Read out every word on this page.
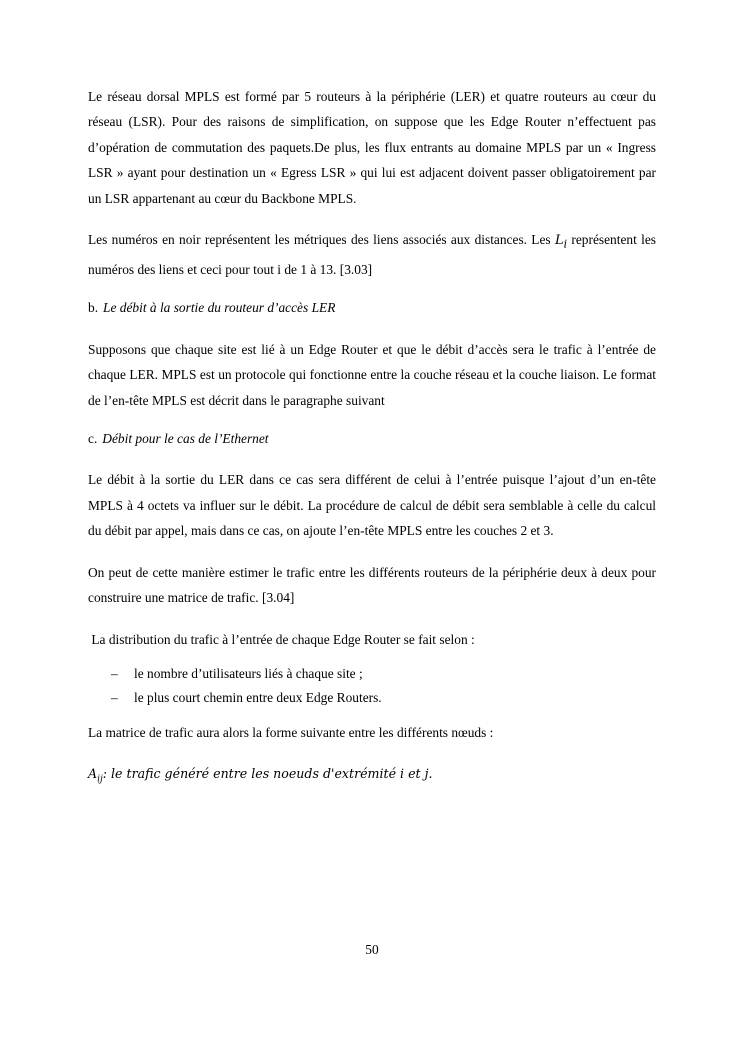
Le réseau dorsal MPLS est formé par 5 routeurs à la périphérie (LER) et quatre routeurs au cœur du réseau (LSR). Pour des raisons de simplification, on suppose que les Edge Router n’effectuent pas d’opération de commutation des paquets.De plus, les flux entrants au domaine MPLS par un « Ingress LSR » ayant pour destination un « Egress LSR » qui lui est adjacent doivent passer obligatoirement par un LSR appartenant au cœur du Backbone MPLS.

Les numéros en noir représentent les métriques des liens associés aux distances. Les $L_i$ représentent les numéros des liens et ceci pour tout i de 1 à 13. [3.03]

b. Le débit à la sortie du routeur d’accès LER

Supposons que chaque site est lié à un Edge Router et que le débit d’accès sera le trafic à l’entrée de chaque LER. MPLS est un protocole qui fonctionne entre la couche réseau et la couche liaison. Le format de l’en-tête MPLS est décrit dans le paragraphe suivant

c. Débit pour le cas de l’Ethernet

Le débit à la sortie du LER dans ce cas sera différent de celui à l’entrée puisque l’ajout d’un en-tête MPLS à 4 octets va influer sur le débit. La procédure de calcul de débit sera semblable à celle du calcul du débit par appel, mais dans ce cas, on ajoute l’en-tête MPLS entre les couches 2 et 3.

On peut de cette manière estimer le trafic entre les différents routeurs de la périphérie deux à deux pour construire une matrice de trafic. [3.04]

La distribution du trafic à l’entrée de chaque Edge Router se fait selon :

– le nombre d’utilisateurs liés à chaque site ;
– le plus court chemin entre deux Edge Routers.

La matrice de trafic aura alors la forme suivante entre les différents nœuds :

$A_{ij}$: le trafic généré entre les noeuds d'extrémité i et j.
50
